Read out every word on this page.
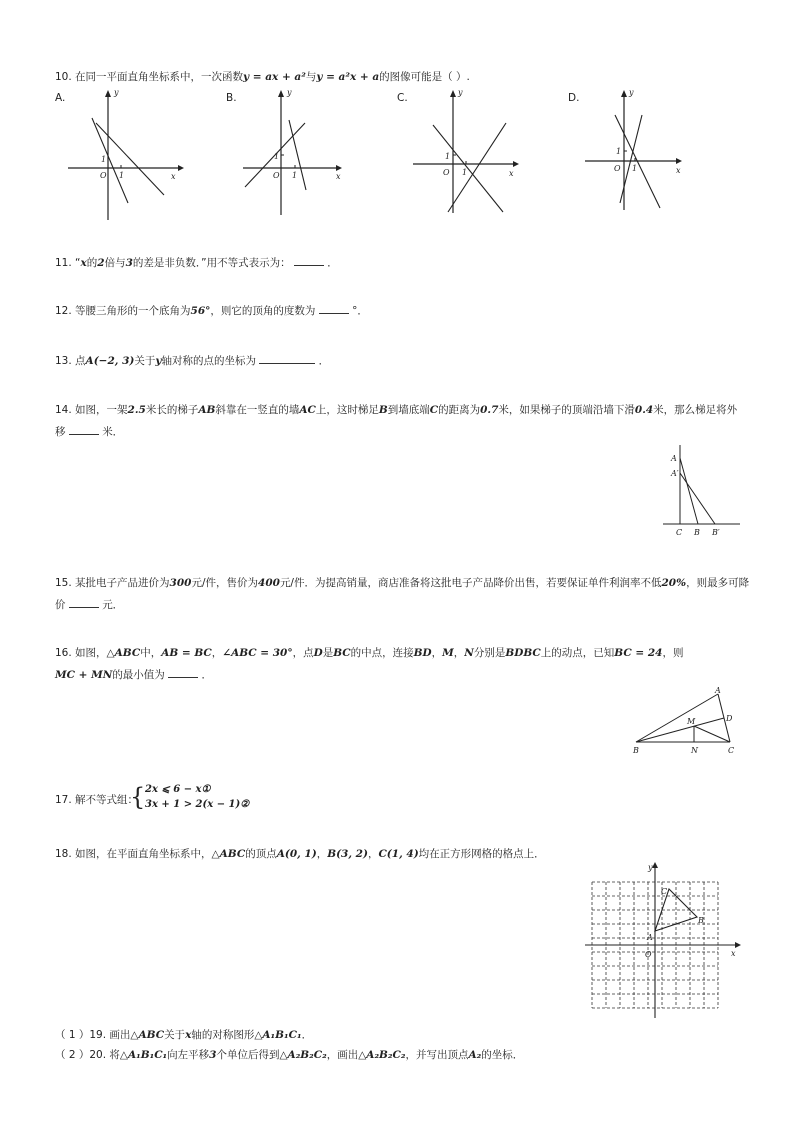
10. 在同一平面直角坐标系中，一次函数y = ax + a²与y = a²x + a的图像可能是（ ）.
A.	B.	C.	D.
y
x
O 1
1
y
x
O 1
1
y
x
O 1
1
y
x
O 1
1
11. “x的2倍与3的差是非负数．”用不等式表示为：	．
12. 等腰三角形的一个底角为56°，则它的顶角的度数为	°．
13. 点A(−2, 3)关于y轴对称的点的坐标为	．
14. 如图，一架2.5米长的梯子AB斜靠在一竖直的墙AC上，这时梯足B到墙底端C的距离为0.7米，如果梯子的顶端沿墙下滑0.4米，那么梯足将外
移	米．
A
A′
C B B′
15. 某批电子产品进价为300元/件，售价为400元/件．为提高销量，商店准备将这批电子产品降价出售，若要保证单件利润率不低20%，则最多可降
价	元．
16. 如图，△ABC中，AB = BC，∠ABC = 30°，点D是BC的中点，连接BD，M，N分别是BDBC上的动点，已知BC = 24，则
MC + MN的最小值为	．
A
B	C
D
M
N
17. 解不等式组：
{ 2x ⩽ 6 − x①
3x + 1 > 2(x − 1)②
18. 如图，在平面直角坐标系中，△ABC的顶点A(0, 1)，B(3, 2)，C(1, 4)均在正方形网格的格点上．
y
x
O
A
B
C
（ 1 ）19. 画出△ABC关于x轴的对称图形△A₁B₁C₁．
（ 2 ）20. 将△A₁B₁C₁向左平移3个单位后得到△A₂B₂C₂，画出△A₂B₂C₂，并写出顶点A₂的坐标．
